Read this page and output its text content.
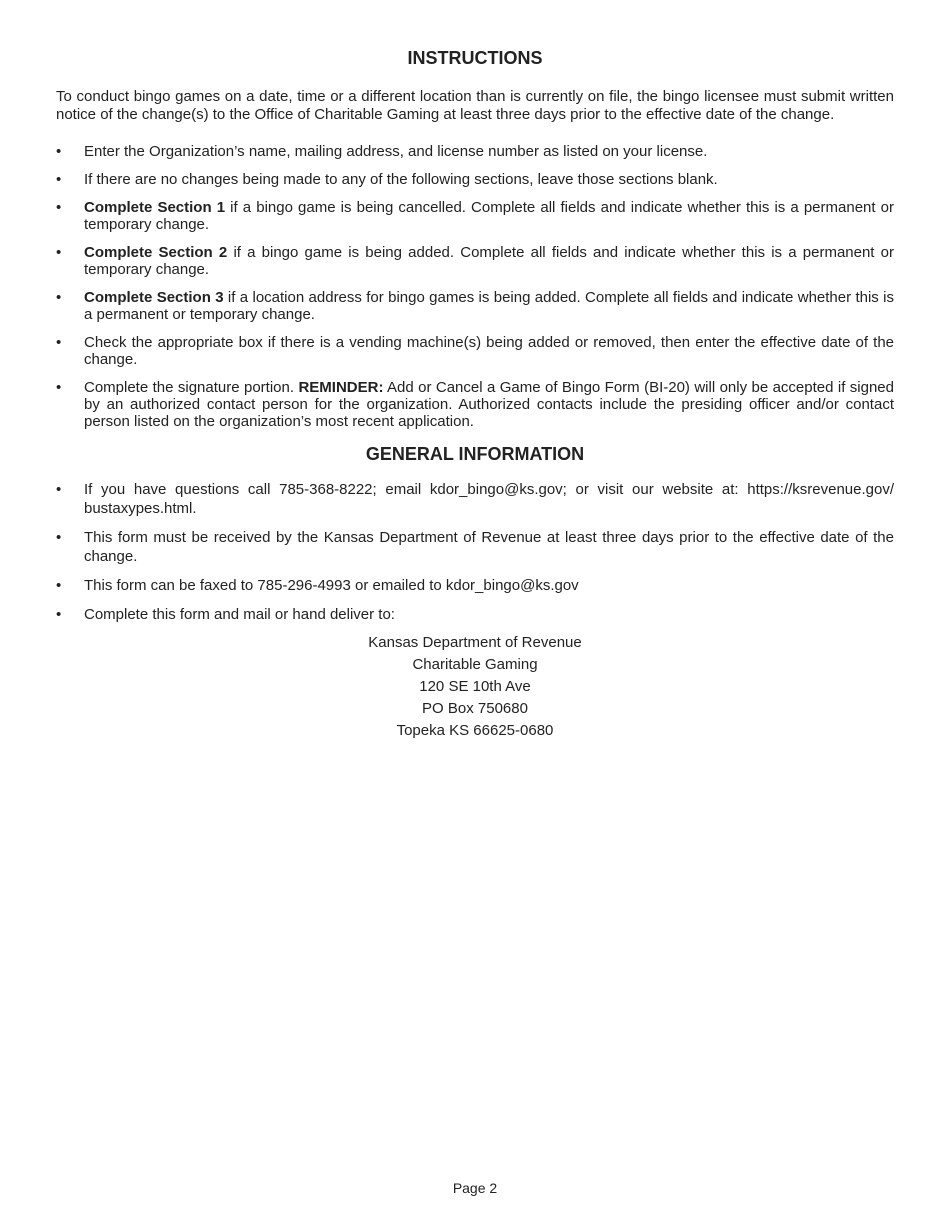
INSTRUCTIONS

To conduct bingo games on a date, time or a different location than is currently on file, the bingo licensee must submit written notice of the change(s) to the Office of Charitable Gaming at least three days prior to the effective date of the change.

• Enter the Organization’s name, mailing address, and license number as listed on your license.
• If there are no changes being made to any of the following sections, leave those sections blank.
• Complete Section 1 if a bingo game is being cancelled. Complete all fields and indicate whether this is a permanent or temporary change.
• Complete Section 2 if a bingo game is being added. Complete all fields and indicate whether this is a permanent or temporary change.
• Complete Section 3 if a location address for bingo games is being added. Complete all fields and indicate whether this is a permanent or temporary change.
• Check the appropriate box if there is a vending machine(s) being added or removed, then enter the effective date of the change.
• Complete the signature portion. REMINDER: Add or Cancel a Game of Bingo Form (BI-20) will only be accepted if signed by an authorized contact person for the organization. Authorized contacts include the presiding officer and/or contact person listed on the organization’s most recent application.
GENERAL INFORMATION
• If you have questions call 785-368-8222; email kdor_bingo@ks.gov; or visit our website at: https://ksrevenue.gov/ bustaxypes.html.
• This form must be received by the Kansas Department of Revenue at least three days prior to the effective date of the change.
• This form can be faxed to 785-296-4993 or emailed to kdor_bingo@ks.gov
• Complete this form and mail or hand deliver to:
Kansas Department of Revenue
Charitable Gaming
120 SE 10th Ave
PO Box 750680
Topeka KS 66625-0680
Page 2
